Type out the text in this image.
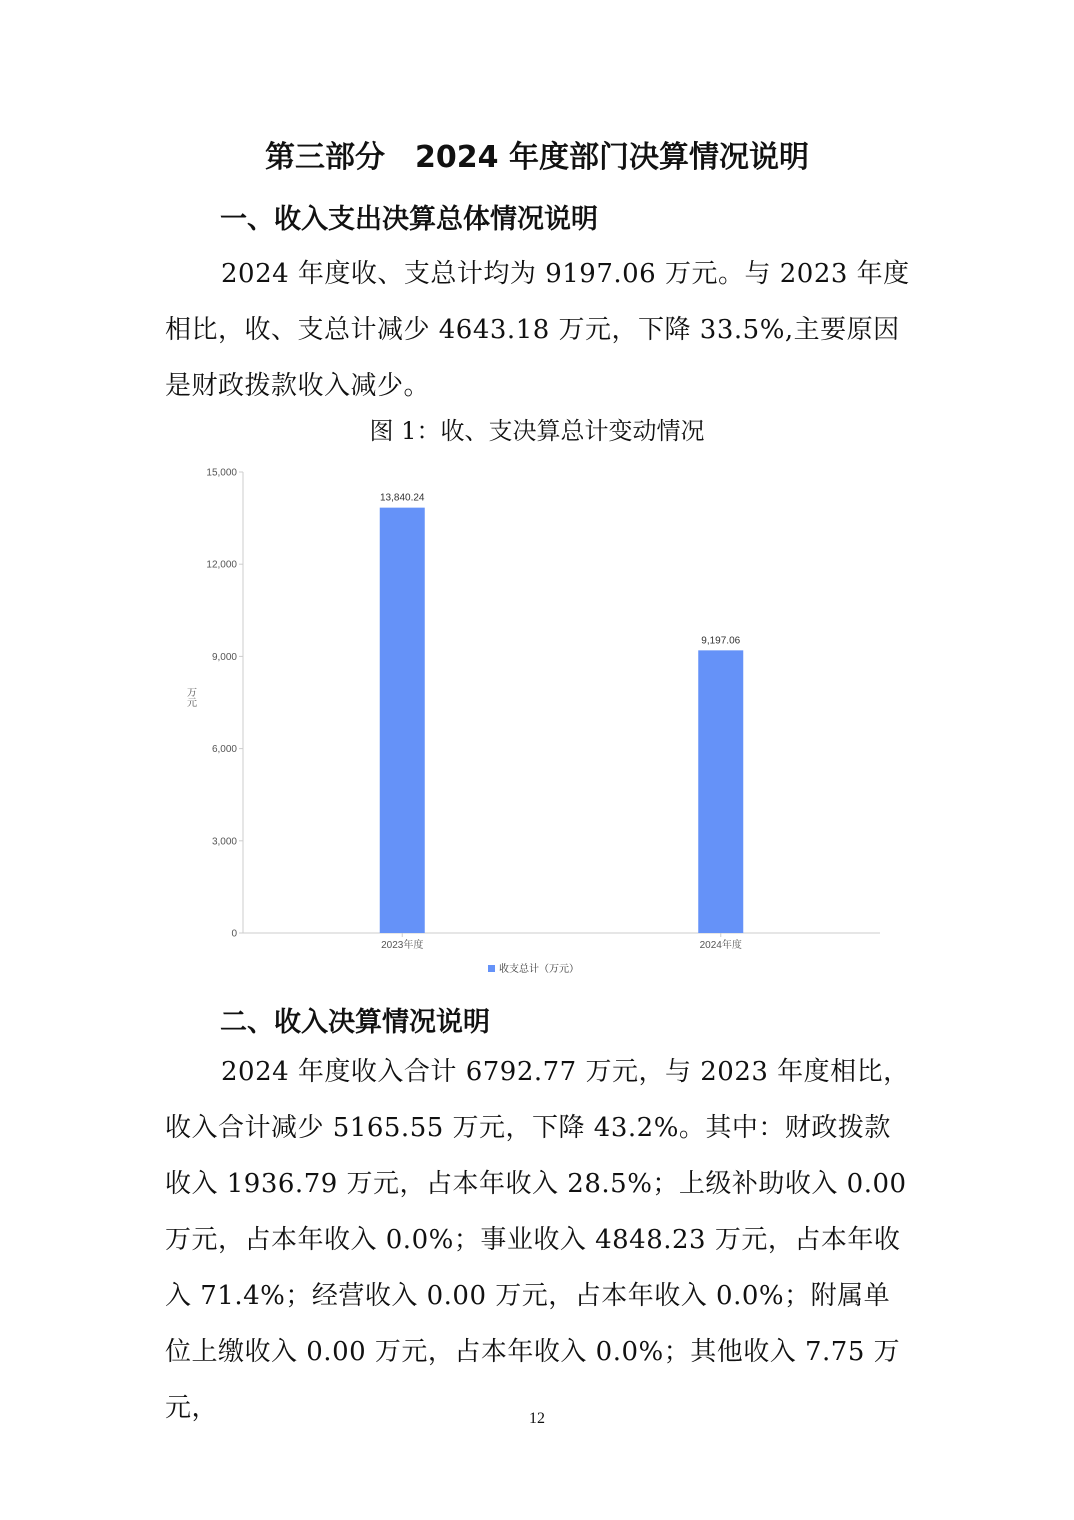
第三部分　2024 年度部门决算情况说明
一、收入支出决算总体情况说明

2024 年度收、支总计均为 9197.06 万元。与 2023 年度相比，收、支总计减少 4643.18 万元，下降 33.5%,主要原因是财政拨款收入减少。

图 1：收、支决算总计变动情况
0
3,000
6,000
9,000
12,000
15,000
万元
13,840.24
2023年度
9,197.06
2024年度
收支总计（万元）
二、收入决算情况说明

2024 年度收入合计 6792.77 万元，与 2023 年度相比，收入合计减少 5165.55 万元，下降 43.2%。其中：财政拨款收入 1936.79 万元，占本年收入 28.5%；上级补助收入 0.00 万元，占本年收入 0.0%；事业收入 4848.23 万元，占本年收入 71.4%；经营收入 0.00 万元，占本年收入 0.0%；附属单位上缴收入 0.00 万元，占本年收入 0.0%；其他收入 7.75 万元，	12
